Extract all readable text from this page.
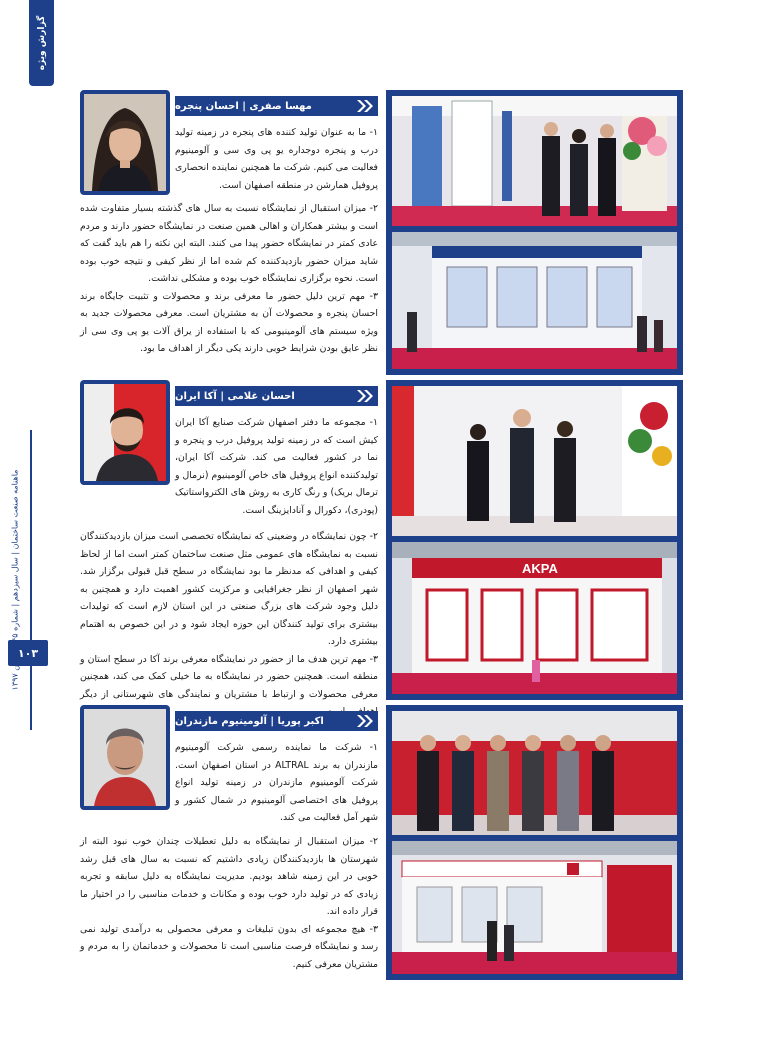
گزارش ویژه
ماهنامه صنعت ساختمان | سال سیزدهم | شماره ۱۳۹۷
۱۰۳
مهسا صفری | احسان پنجره
۱- ما به عنوان تولید کننده های پنجره در زمینه تولید درب و پنجره دوجداره یو پی وی سی و آلومینیوم فعالیت می کنیم. شرکت ما همچنین نماینده انحصاری پروفیل همارشن در منطقه اصفهان است.

۲- میزان استقبال از نمایشگاه نسبت به سال های گذشته بسیار متفاوت شده است و بیشتر همکاران و اهالی همین صنعت در نمایشگاه حضور دارند و مردم عادی کمتر در نمایشگاه حضور پیدا می کنند. البته این نکته را هم باید گفت که شاید میزان حضور بازدیدکننده کم شده اما از نظر کیفی و نتیجه خوب بوده است. نحوه برگزاری نمایشگاه خوب بوده و مشکلی نداشت.

۳- مهم ترین دلیل حضور ما معرفی برند و محصولات و تثبیت جایگاه برند احسان پنجره و محصولات آن به مشتریان است. معرفی محصولات جدید به ویژه سیستم های آلومینیومی که با استفاده از یراق آلات یو پی وی سی از نظر عایق بودن شرایط خوبی دارند یکی دیگر از اهداف ما بود.

احسان غلامی | آکا ایران
۱- مجموعه ما دفتر اصفهان شرکت صنایع آکا ایران کیش است که در زمینه تولید پروفیل درب و پنجره و نما در کشور فعالیت می کند. شرکت آکا ایران، تولیدکننده انواع پروفیل های خاص آلومینیوم (نرمال و ترمال بریک) و رنگ کاری به روش های الکترواستاتیک (پودری)، دکورال و آنادایزینگ است.

۲- چون نمایشگاه در وضعیتی که نمایشگاه تخصصی است میزان بازدیدکنندگان نسبت به نمایشگاه های عمومی مثل صنعت ساختمان کمتر است اما از لحاظ کیفی و اهدافی که مدنظر ما بود نمایشگاه در سطح قبل قبولی برگزار شد. شهر اصفهان از نظر جغرافیایی و مرکزیت کشور اهمیت دارد و همچنین به دلیل وجود شرکت های بزرگ صنعتی در این استان لازم است که تولیدات بیشتری برای تولید کنندگان این حوزه ایجاد شود و در این خصوص به اهتمام بیشتری دارد.

۳- مهم ترین هدف ما از حضور در نمایشگاه معرفی برند آکا در سطح استان و منطقه است. همچنین حضور در نمایشگاه به ما خیلی کمک می کند، همچنین معرفی محصولات و ارتباط با مشتریان و نمایندگی های شهرستانی از دیگر

AKPA
اکبر پوریا | آلومینیوم مازندران
۱- شرکت ما نماینده رسمی شرکت آلومینیوم مازندران به برند ALTRAL در استان اصفهان است. شرکت آلومینیوم مازندران در زمینه تولید انواع پروفیل های اختصاصی آلومینیوم در شمال کشور و شهر آمل فعالیت می کند.

۲- میزان استقبال از نمایشگاه به دلیل تعطیلات چندان خوب نبود البته از شهرستان ها بازدیدکنندگان زیادی داشتیم که نسبت به سال های قبل رشد خوبی در این زمینه شاهد بودیم. مدیریت نمایشگاه به دلیل سابقه و تجربه زیادی که در تولید دارد خوب بوده و مکانات و خدمات مناسبی را در اختیار ما قرار داده اند.

۳- هیچ مجموعه ای بدون تبلیغات و معرفی محصولی به درآمدی تولید نمی رسد و نمایشگاه فرصت مناسبی است تا محصولات و خدماتمان را به مردم و مشتریان معرفی کنیم.
